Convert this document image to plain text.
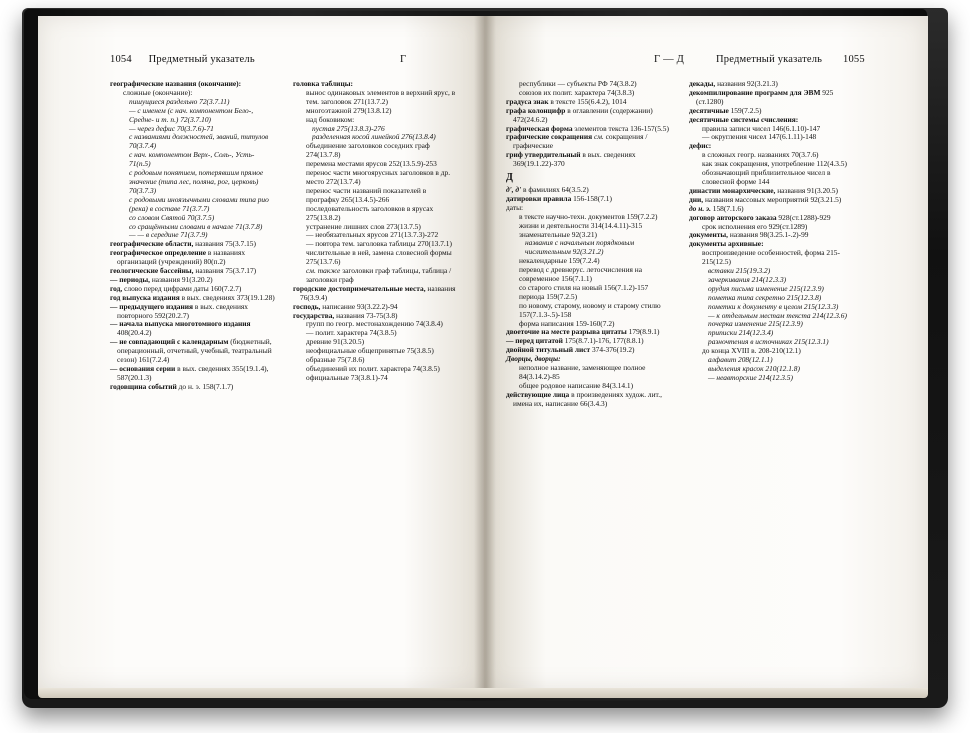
1054 Предметный указатель	Г

географические названия (окончание):

сложные (окончание):

пишущиеся раздельно 72(3.7.11)

— с именем (с нач. компонентом Бело-, Средне- и т. п.) 72(3.7.10)

— через дефис 70(3.7.6)-71

с названиями должностей, званий, титулов 70(3.7.4)

с нач. компонентом Верх-, Соль-, Усть- 71(п.5)

с родовым понятием, потерявшим прямое значение (типа лес, поляна, рог, церковь) 70(3.7.3)

с родовыми иноязычными словами типа рио (река) в составе 71(3.7.7)

со словом Святой 70(3.7.5)

со сращёнными словами в начале 71(3.7.8)

— — в середине 71(3.7.9)

географические области, названия 75(3.7.15)

географическое определение в названиях организаций (учреждений) 80(п.2)

геологические бассейны, названия 75(3.7.17)

— периоды, названия 91(3.20.2)

год, слово перед цифрами даты 160(7.2.7)

год выпуска издания в вых. сведениях 373(19.1.28)

— предыдущего издания в вых. сведениях повторного 592(20.2.7)

— начала выпуска многотомного издания 408(20.4.2)

— не совпадающий с календарным (бюджетный, операционный, отчетный, учебный, театральный сезон) 161(7.2.4)

— основания серии в вых. сведениях 355(19.1.4), 587(20.1.3)

годовщина событий до н. э. 158(7.1.7)

головка таблицы:

вынос одинаковых элементов в верхний ярус, в тем. заголовок 271(13.7.2)

многоэтажной 279(13.8.12)

над боковиком:

пустая 275(13.8.3)-276

разделенная косой линейкой 276(13.8.4)

объединение заголовков соседних граф 274(13.7.8)

перемена местами ярусов 252(13.5.9)-253

перенос части многоярусных заголовков в др. место 272(13.7.4)

перенос части названий показателей в прографку 265(13.4.5)-266

последовательность заголовков в ярусах 275(13.8.2)

устранение лишних слов 273(13.7.5)

— необязательных ярусов 271(13.7.3)-272

— повтора тем. заголовка таблицы 270(13.7.1)

числительные в ней, замена словесной формы 275(13.7.6)

см. также заголовки граф таблицы, таблица / заголовки граф

городские достопримечательные места, названия 76(3.9.4)

господь, написание 93(3.22.2)-94

государства, названия 73-75(3.8)

групп по геогр. местонахождению 74(3.8.4)

— полит. характера 74(3.8.5)

древние 91(3.20.5)

неофициальные общепринятые 75(3.8.5)

образные 75(7.8.6)

объединений их полит. характера 74(3.8.5)

официальные 73(3.8.1)-74

Г — Д	Предметный указатель 1055

республики — субъекты РФ 74(3.8.2)

союзов их полит. характера 74(3.8.3)

градуса знак в тексте 155(6.4.2), 1014

графа колонцифр в оглавлении (содержании) 472(24.6.2)

графическая форма элементов текста 136-157(5.5)

графические сокращения см. сокращения / графические

гриф утвердительный в вых. сведениях 369(19.1.22)-370

Д

д', д' в фамилиях 64(3.5.2)

датировки правила 156-158(7.1)

даты:

в тексте научно-техн. документов 159(7.2.2)

жизни и деятельности 314(14.4.11)-315

знаменательные 92(3.21)

названия с начальным порядковым числительным 92(3.21.2)

некалендарные 159(7.2.4)

перевод с древнерус. летосчисления на современное 156(7.1.1)

со старого стиля на новый 156(7.1.2)-157

периода 159(7.2.5)

по новому, старому, новому и старому стилю 157(7.1.3-.5)-158

форма написания 159-160(7.2)

двоеточие на месте разрыва цитаты 179(8.9.1)

— перед цитатой 175(8.7.1)-176, 177(8.8.1)

двойной титульный лист 374-376(19.2)

Дворцы, дворцы:

неполное название, заменяющее полное 84(3.14.2)-85

общее родовое написание 84(3.14.1)

действующие лица в произведениях худож. лит., имена их, написание 66(3.4.3)

декады, названия 92(3.21.3)

декомпилирование программ для ЭВМ 925 (ст.1280)

десятичные 159(7.2.5)

десятичные системы счисления:

правила записи чисел 146(6.1.10)-147

— округления чисел 147(6.1.11)-148

дефис:

в сложных геогр. названиях 70(3.7.6)

как знак сокращения, употребление 112(4.3.5)

обозначающий приблизительное чисел в словесной форме 144

династии монархические, названия 91(3.20.5)

дни, названия массовых мероприятий 92(3.21.5)

до н. э. 158(7.1.6)

договор авторского заказа 928(ст.1288)-929

срок исполнения его 929(ст.1289)

документы, названия 98(3.25.1-.2)-99

документы архивные:

воспроизведение особенностей, форма 215-215(12.5)

вставки 215(19.3.2)

зачеркивания 214(12.3.3)

орудия письма изменение 215(12.3.9)

пометка типа секретно 215(12.3.8)

пометки к документу в целом 215(12.3.3)

— к отдельным местам текста 214(12.3.6)

почерка изменение 215(12.3.9)

приписки 214(12.3.4)

разночтения в источниках 215(12.3.1)

до конца XVIII в. 208-210(12.1)

алфавит 208(12.1.1)

выделения красок 210(12.1.8)

— неавторские 214(12.3.5)
